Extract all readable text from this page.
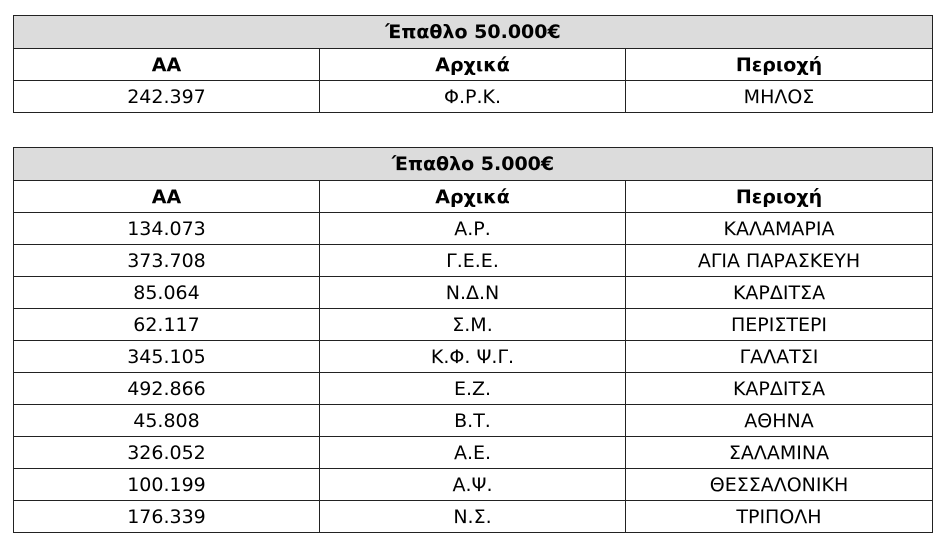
Έπαθλο 50.000€		
ΑΑ	Αρχικά	Περιοχή
242.397	Φ.Ρ.Κ.	ΜΗΛΟΣ
Έπαθλο 5.000€		
ΑΑ	Αρχικά	Περιοχή
134.073	Α.Ρ.	ΚΑΛΑΜΑΡΙΑ
373.708	Γ.Ε.Ε.	ΑΓΙΑ ΠΑΡΑΣΚΕΥΗ
85.064	Ν.Δ.Ν	ΚΑΡΔΙΤΣΑ
62.117	Σ.Μ.	ΠΕΡΙΣΤΕΡΙ
345.105	Κ.Φ. Ψ.Γ.	ΓΑΛΑΤΣΙ
492.866	Ε.Ζ.	ΚΑΡΔΙΤΣΑ
45.808	Β.Τ.	ΑΘΗΝΑ
326.052	Α.Ε.	ΣΑΛΑΜΙΝΑ
100.199	Α.Ψ.	ΘΕΣΣΑΛΟΝΙΚΗ
176.339	Ν.Σ.	ΤΡΙΠΟΛΗ
